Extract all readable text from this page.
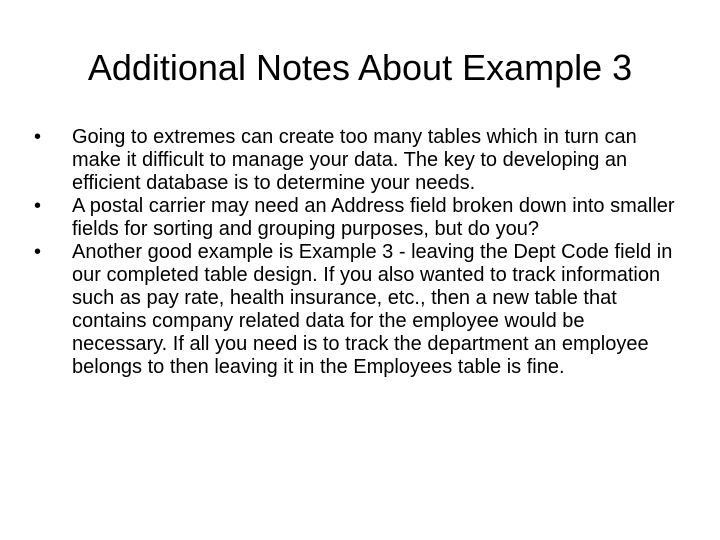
Additional Notes About Example 3
•	Going to extremes can create too many tables which in turn can make it difficult to manage your data. The key to developing an efficient database is to determine your needs.
•	A postal carrier may need an Address field broken down into smaller fields for sorting and grouping purposes, but do you?
•	Another good example is Example 3 - leaving the Dept Code field in our completed table design. If you also wanted to track information such as pay rate, health insurance, etc., then a new table that contains company related data for the employee would be necessary. If all you need is to track the department an employee belongs to then leaving it in the Employees table is fine.
